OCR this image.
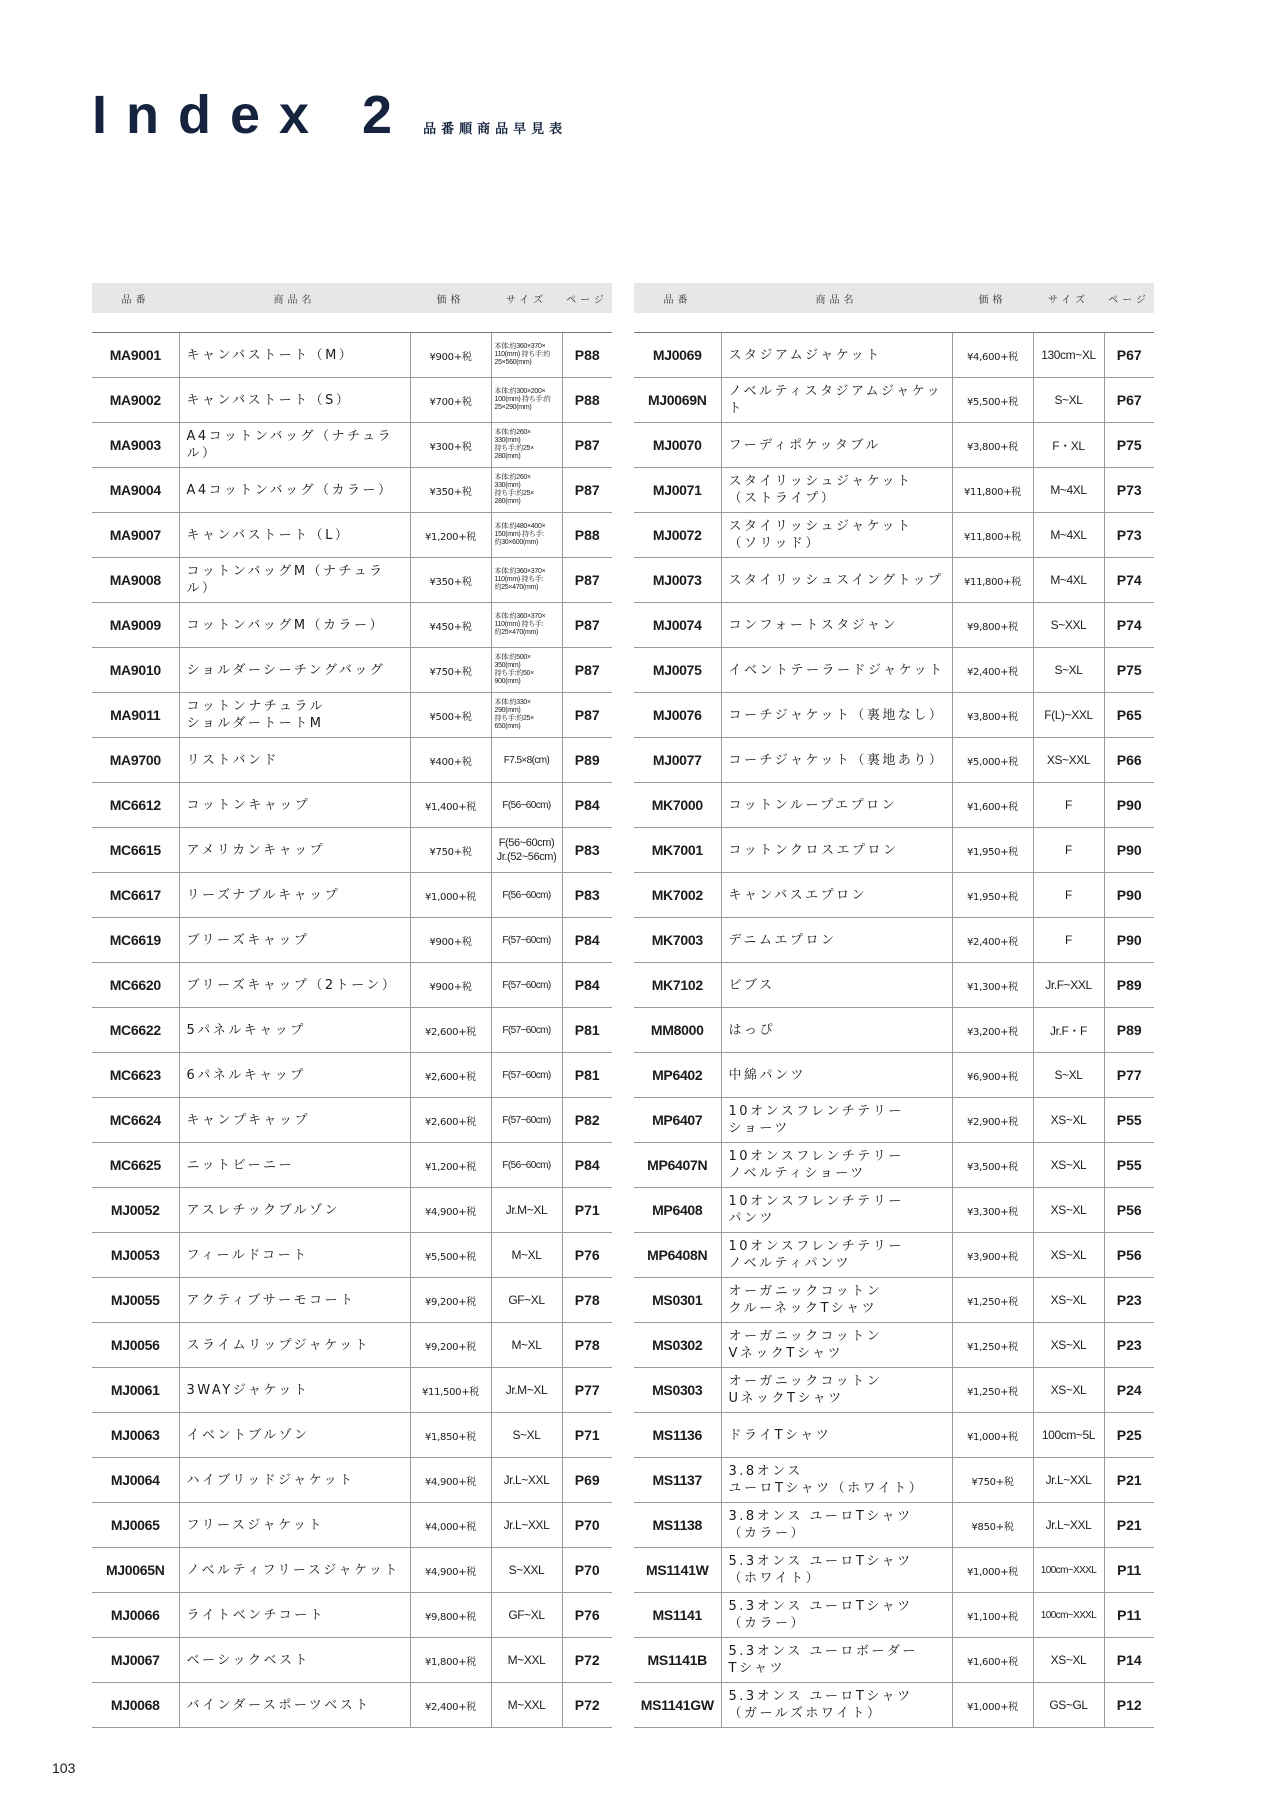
Index 2 品番順商品早見表
品番	商品名	価格	サイズ	ページ

MA9001	キャンバストート（M）	¥900+税	本体:約360×370×
110(mm) 持ち手:約
25×560(mm)	P88
MA9002	キャンバストート（S）	¥700+税	本体:約300×200×
100(mm) 持ち手:約
25×290(mm)	P88
MA9003	A4コットンバッグ（ナチュラル）	¥300+税	本体:約260×
330(mm)
持ち手:約25×
280(mm)	P87
MA9004	A4コットンバッグ（カラー）	¥350+税	本体:約260×
330(mm)
持ち手:約25×
280(mm)	P87
MA9007	キャンバストート（L）	¥1,200+税	本体:約480×400×
150(mm) 持ち手:
約30×600(mm)	P88
MA9008	コットンバッグM（ナチュラル）	¥350+税	本体:約360×370×
110(mm) 持ち手:
約25×470(mm)	P87
MA9009	コットンバッグM（カラー）	¥450+税	本体:約360×370×
110(mm) 持ち手:
約25×470(mm)	P87
MA9010	ショルダーシーチングバッグ	¥750+税	本体:約500×
350(mm)
持ち手:約50×
900(mm)	P87
MA9011	コットンナチュラル
ショルダートートM	¥500+税	本体:約330×
290(mm)
持ち手:約25×
650(mm)	P87
MA9700	リストバンド	¥400+税	F7.5×8(cm)	P89
MC6612	コットンキャップ	¥1,400+税	F(56~60cm)	P84
MC6615	アメリカンキャップ	¥750+税	F(56~60cm)
Jr.(52~56cm)	P83
MC6617	リーズナブルキャップ	¥1,000+税	F(56~60cm)	P83
MC6619	ブリーズキャップ	¥900+税	F(57~60cm)	P84
MC6620	ブリーズキャップ（2トーン）	¥900+税	F(57~60cm)	P84
MC6622	5パネルキャップ	¥2,600+税	F(57~60cm)	P81
MC6623	6パネルキャップ	¥2,600+税	F(57~60cm)	P81
MC6624	キャンプキャップ	¥2,600+税	F(57~60cm)	P82
MC6625	ニットビーニー	¥1,200+税	F(56~60cm)	P84
MJ0052	アスレチックブルゾン	¥4,900+税	Jr.M~XL	P71
MJ0053	フィールドコート	¥5,500+税	M~XL	P76
MJ0055	アクティブサーモコート	¥9,200+税	GF~XL	P78
MJ0056	スライムリップジャケット	¥9,200+税	M~XL	P78
MJ0061	3WAYジャケット	¥11,500+税	Jr.M~XL	P77
MJ0063	イベントブルゾン	¥1,850+税	S~XL	P71
MJ0064	ハイブリッドジャケット	¥4,900+税	Jr.L~XXL	P69
MJ0065	フリースジャケット	¥4,000+税	Jr.L~XXL	P70
MJ0065N	ノベルティフリースジャケット	¥4,900+税	S~XXL	P70
MJ0066	ライトベンチコート	¥9,800+税	GF~XL	P76
MJ0067	ベーシックベスト	¥1,800+税	M~XXL	P72
MJ0068	バインダースポーツベスト	¥2,400+税	M~XXL	P72
品番	商品名	価格	サイズ	ページ

MJ0069	スタジアムジャケット	¥4,600+税	130cm~XL	P67
MJ0069N	ノベルティスタジアムジャケット	¥5,500+税	S~XL	P67
MJ0070	フーディポケッタブル	¥3,800+税	F・XL	P75
MJ0071	スタイリッシュジャケット
（ストライプ）	¥11,800+税	M~4XL	P73
MJ0072	スタイリッシュジャケット
（ソリッド）	¥11,800+税	M~4XL	P73
MJ0073	スタイリッシュスイングトップ	¥11,800+税	M~4XL	P74
MJ0074	コンフォートスタジャン	¥9,800+税	S~XXL	P74
MJ0075	イベントテーラードジャケット	¥2,400+税	S~XL	P75
MJ0076	コーチジャケット（裏地なし）	¥3,800+税	F(L)~XXL	P65
MJ0077	コーチジャケット（裏地あり）	¥5,000+税	XS~XXL	P66
MK7000	コットンループエプロン	¥1,600+税	F	P90
MK7001	コットンクロスエプロン	¥1,950+税	F	P90
MK7002	キャンバスエプロン	¥1,950+税	F	P90
MK7003	デニムエプロン	¥2,400+税	F	P90
MK7102	ビブス	¥1,300+税	Jr.F~XXL	P89
MM8000	はっぴ	¥3,200+税	Jr.F・F	P89
MP6402	中綿パンツ	¥6,900+税	S~XL	P77
MP6407	10オンスフレンチテリー
ショーツ	¥2,900+税	XS~XL	P55
MP6407N	10オンスフレンチテリー
ノベルティショーツ	¥3,500+税	XS~XL	P55
MP6408	10オンスフレンチテリー
パンツ	¥3,300+税	XS~XL	P56
MP6408N	10オンスフレンチテリー
ノベルティパンツ	¥3,900+税	XS~XL	P56
MS0301	オーガニックコットン
クルーネックTシャツ	¥1,250+税	XS~XL	P23
MS0302	オーガニックコットン
VネックTシャツ	¥1,250+税	XS~XL	P23
MS0303	オーガニックコットン
UネックTシャツ	¥1,250+税	XS~XL	P24
MS1136	ドライTシャツ	¥1,000+税	100cm~5L	P25
MS1137	3.8オンス
ユーロTシャツ（ホワイト）	¥750+税	Jr.L~XXL	P21
MS1138	3.8オンス ユーロTシャツ
（カラー）	¥850+税	Jr.L~XXL	P21
MS1141W	5.3オンス ユーロTシャツ
（ホワイト）	¥1,000+税	100cm~XXXL	P11
MS1141	5.3オンス ユーロTシャツ
（カラー）	¥1,100+税	100cm~XXXL	P11
MS1141B	5.3オンス ユーロボーダー
Tシャツ	¥1,600+税	XS~XL	P14
MS1141GW	5.3オンス ユーロTシャツ
（ガールズホワイト）	¥1,000+税	GS~GL	P12
103
